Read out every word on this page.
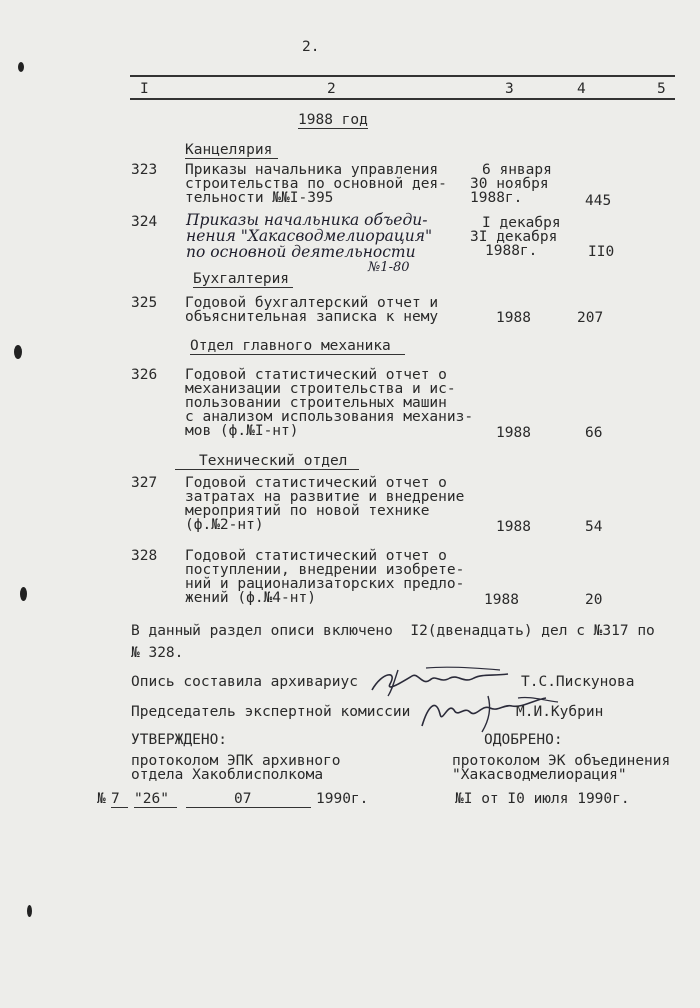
2.
I	2	3	4	5
1988 год
Канцелярия
323 Приказы начальника управления
строительства по основной дея-
тельности №№I-395
6 января
30 ноября
1988г.	445
324 Приказы начальника объеди-
нения "Хакасводмелиорация"
по основной деятельности
№1-80
I декабря
3I декабря
1988г.	II0
Бухгалтерия
325 Годовой бухгалтерский отчет и
объяснительная записка к нему	1988	207
Отдел главного механика
326 Годовой статистический отчет о
механизации строительства и ис-
пользовании строительных машин
с анализом использования механиз-
мов (ф.№I-нт)	1988	66
Технический отдел
327 Годовой статистический отчет о
затратах на развитие и внедрение
мероприятий по новой технике
(ф.№2-нт)	1988	54
328 Годовой статистический отчет о
поступлении, внедрении изобрете-
ний и рационализаторских предло-
жений (ф.№4-нт)	1988	20
В данный раздел описи включено  I2(двенадцать) дел с №317 по
№ 328.
Опись составила архивариус	Т.С.Пискунова
Председатель экспертной комиссии	М.И.Кубрин
УТВЕРЖДЕНО:
протоколом ЭПК архивного
отдела Хакоблисполкома
№ 7 "26"	07	1990г.
ОДОБРЕНО:
протоколом ЭК объединения
"Хакасводмелиорация"
№I от I0 июля 1990г.
